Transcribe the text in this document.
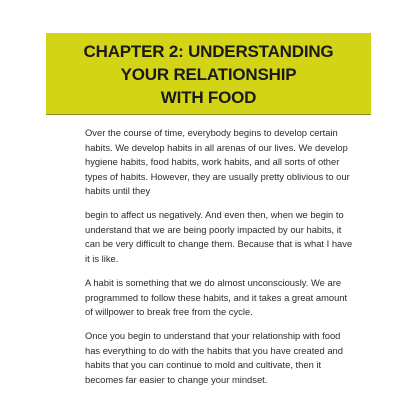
CHAPTER 2: UNDERSTANDING
YOUR RELATIONSHIP
WITH FOOD

Over the course of time, everybody begins to develop certain
habits. We develop habits in all arenas of our lives. We develop
hygiene habits, food habits, work habits, and all sorts of other
types of habits. However, they are usually pretty oblivious to our
habits until they

begin to affect us negatively. And even then, when we begin to
understand that we are being poorly impacted by our habits, it
can be very difficult to change them. Because that is what I have
it is like.

A habit is something that we do almost unconsciously. We are
programmed to follow these habits, and it takes a great amount
of willpower to break free from the cycle.

Once you begin to understand that your relationship with food
has everything to do with the habits that you have created and
habits that you can continue to mold and cultivate, then it
becomes far easier to change your mindset.
